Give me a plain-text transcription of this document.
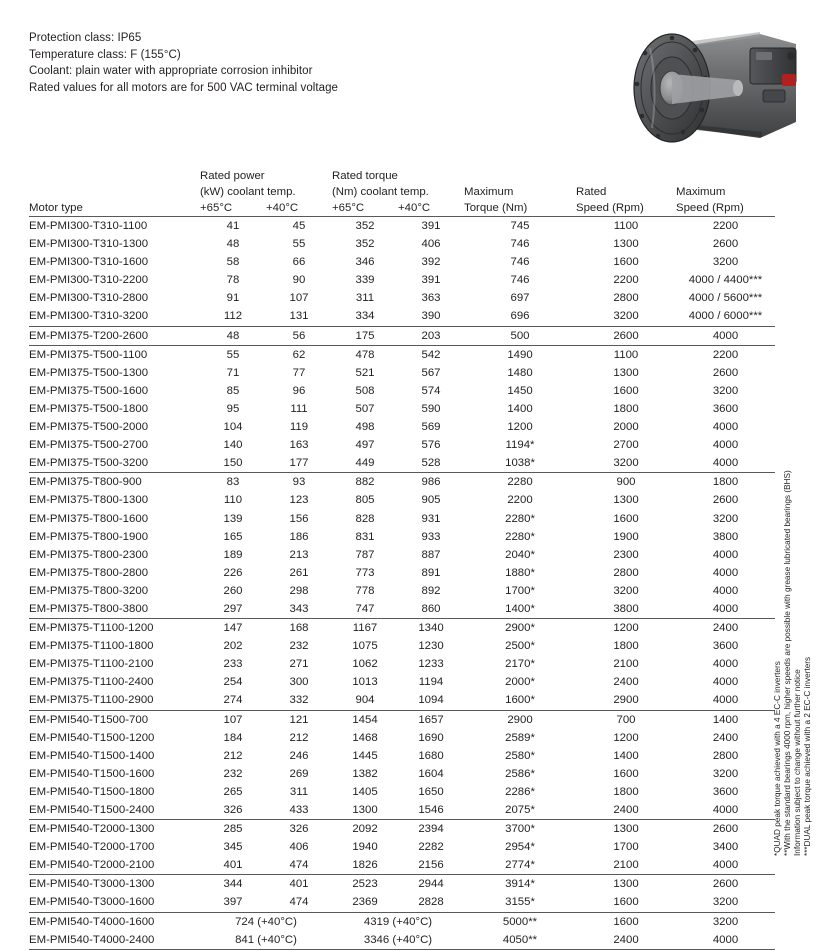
Protection class: IP65
Temperature class: F (155°C)
Coolant: plain water with appropriate corrosion inhibitor
Rated values for all motors are for 500 VAC terminal voltage
Motor type	Rated power
(kW) coolant temp.
+65°C	+40°C	Rated torque
(Nm) coolant temp.
+65°C	+40°C	Maximum
Torque (Nm)	Rated
Speed (Rpm)	Maximum
Speed (Rpm)

EM-PMI300-T310-1100	41	45	352	391	745	1100	2200
EM-PMI300-T310-1300	48	55	352	406	746	1300	2600
EM-PMI300-T310-1600	58	66	346	392	746	1600	3200
EM-PMI300-T310-2200	78	90	339	391	746	2200	4000 / 4400***
EM-PMI300-T310-2800	91	107	311	363	697	2800	4000 / 5600***
EM-PMI300-T310-3200	112	131	334	390	696	3200	4000 / 6000***
EM-PMI375-T200-2600	48	56	175	203	500	2600	4000
EM-PMI375-T500-1100	55	62	478	542	1490	1100	2200
EM-PMI375-T500-1300	71	77	521	567	1480	1300	2600
EM-PMI375-T500-1600	85	96	508	574	1450	1600	3200
EM-PMI375-T500-1800	95	111	507	590	1400	1800	3600
EM-PMI375-T500-2000	104	119	498	569	1200	2000	4000
EM-PMI375-T500-2700	140	163	497	576	1194*	2700	4000
EM-PMI375-T500-3200	150	177	449	528	1038*	3200	4000
EM-PMI375-T800-900	83	93	882	986	2280	900	1800
EM-PMI375-T800-1300	110	123	805	905	2200	1300	2600
EM-PMI375-T800-1600	139	156	828	931	2280*	1600	3200
EM-PMI375-T800-1900	165	186	831	933	2280*	1900	3800
EM-PMI375-T800-2300	189	213	787	887	2040*	2300	4000
EM-PMI375-T800-2800	226	261	773	891	1880*	2800	4000
EM-PMI375-T800-3200	260	298	778	892	1700*	3200	4000
EM-PMI375-T800-3800	297	343	747	860	1400*	3800	4000
EM-PMI375-T1100-1200	147	168	1167	1340	2900*	1200	2400
EM-PMI375-T1100-1800	202	232	1075	1230	2500*	1800	3600
EM-PMI375-T1100-2100	233	271	1062	1233	2170*	2100	4000
EM-PMI375-T1100-2400	254	300	1013	1194	2000*	2400	4000
EM-PMI375-T1100-2900	274	332	904	1094	1600*	2900	4000
EM-PMI540-T1500-700	107	121	1454	1657	2900	700	1400
EM-PMI540-T1500-1200	184	212	1468	1690	2589*	1200	2400
EM-PMI540-T1500-1400	212	246	1445	1680	2580*	1400	2800
EM-PMI540-T1500-1600	232	269	1382	1604	2586*	1600	3200
EM-PMI540-T1500-1800	265	311	1405	1650	2286*	1800	3600
EM-PMI540-T1500-2400	326	433	1300	1546	2075*	2400	4000
EM-PMI540-T2000-1300	285	326	2092	2394	3700*	1300	2600
EM-PMI540-T2000-1700	345	406	1940	2282	2954*	1700	3400
EM-PMI540-T2000-2100	401	474	1826	2156	2774*	2100	4000
EM-PMI540-T3000-1300	344	401	2523	2944	3914*	1300	2600
EM-PMI540-T3000-1600	397	474	2369	2828	3155*	1600	3200
EM-PMI540-T4000-1600	724 (+40°C)		4319 (+40°C)		5000**	1600	3200
EM-PMI540-T4000-2400	841 (+40°C)		3346 (+40°C)		4050**	2400	4000
*QUAD peak torque achieved with a 4 EC-C inverters **With the standard bearings 4000 rpm, higher speeds are possible with grease lubricated bearings (BHS) Information subject to change without further notice ***DUAL peak torque achieved with a 2 EC-C inverters
